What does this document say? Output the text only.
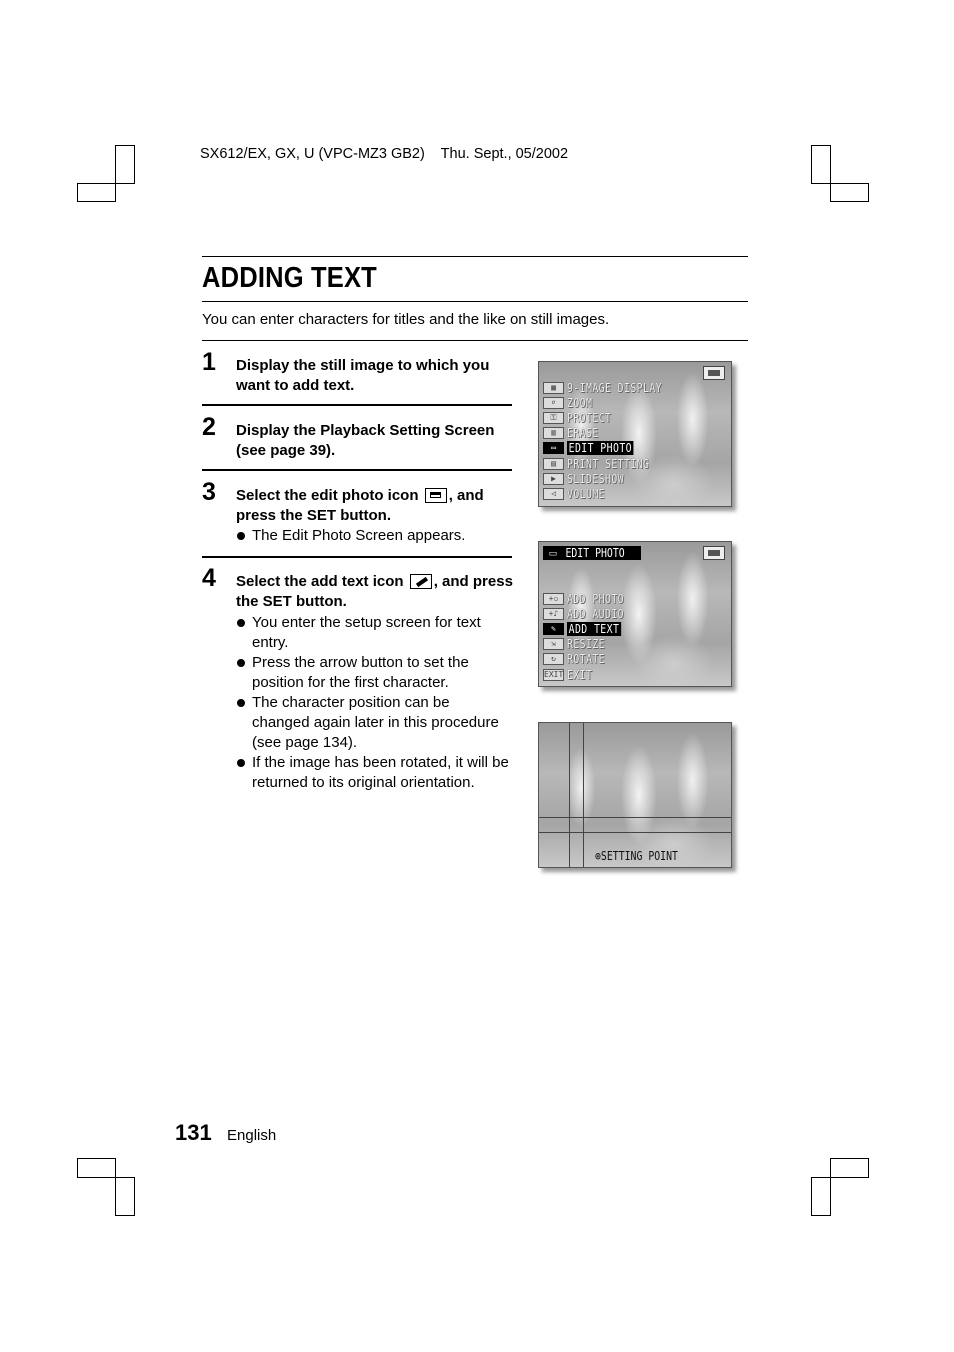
SX612/EX, GX, U (VPC-MZ3 GB2)    Thu. Sept., 05/2002
ADDING TEXT
You can enter characters for titles and the like on still images.
1 Display the still image to which you want to add text.
2 Display the Playback Setting Screen (see page 39).
3 Select the edit photo icon , and press the SET button.
The Edit Photo Screen appears.
4 Select the add text icon , and press the SET button.
You enter the setup screen for text entry.
Press the arrow button to set the position for the first character.
The character position can be changed again later in this procedure (see page 134).
If the image has been rotated, it will be returned to its original orientation.
▦ 9-IMAGE DISPLAY
⌕ ZOOM
⚿ PROTECT
▥ ERASE
▭	EDIT PHOTO
▤ PRINT SETTING
▶ SLIDESHOW
◁ VOLUME
▭ EDIT PHOTO
+▫ ADD PHOTO
+♪ ADD AUDIO
✎	ADD TEXT
⇲ RESIZE
↻ ROTATE
EXIT EXIT
⊕SETTING POINT
131 English
